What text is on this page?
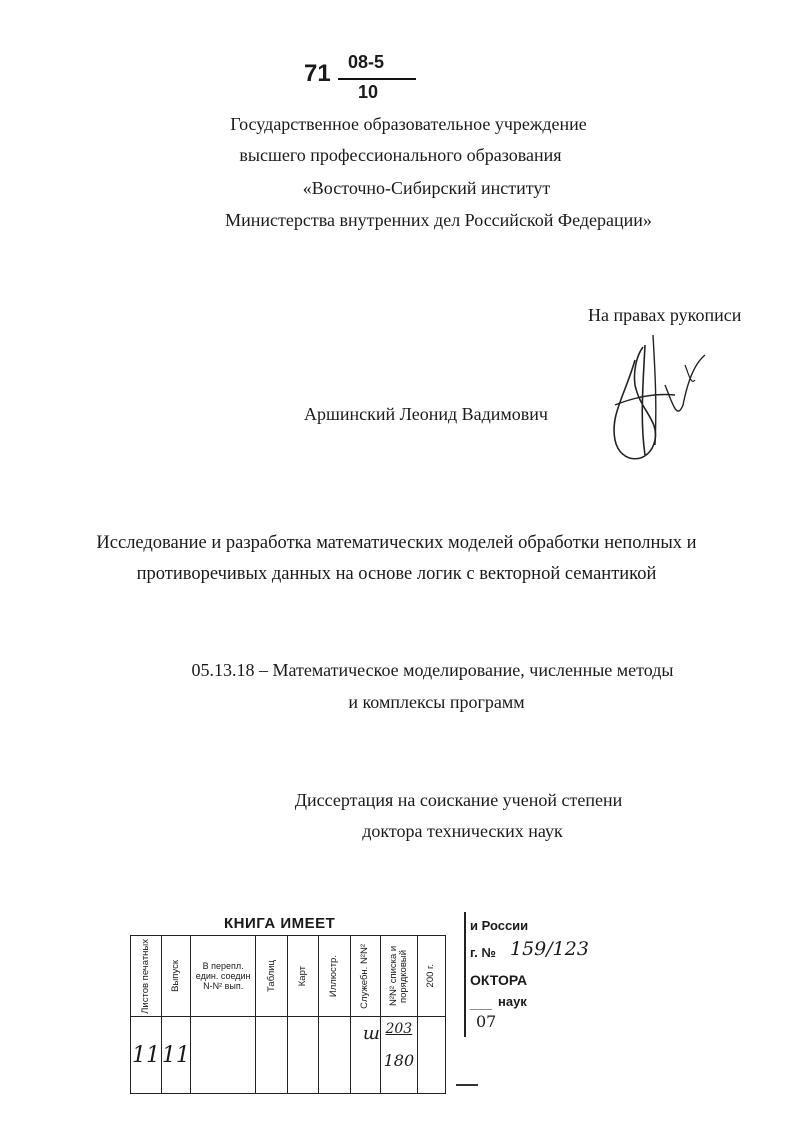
71 08-5
10
Государственное образовательное учреждение
высшего профессионального образования
«Восточно-Сибирский институт
Министерства внутренних дел Российской Федерации»
На правах рукописи
Аршинский Леонид Вадимович
Исследование и разработка математических моделей обработки неполных и
противоречивых данных на основе логик с векторной семантикой
05.13.18 – Математическое моделирование, численные методы
и комплексы программ
Диссертация на соискание ученой степени
доктора технических наук
КНИГА ИМЕЕТ
Листов печатных	Выпуск	В перепл. един. соедин N-N² вып.	Таблиц	Карт	Иллюстр.	Служебн. N²N²	N²N² списка и порядковый	200 г.

11	11					ш	203
180	

и России
г. № 159/123
ОКТОРА
___ наук
07
